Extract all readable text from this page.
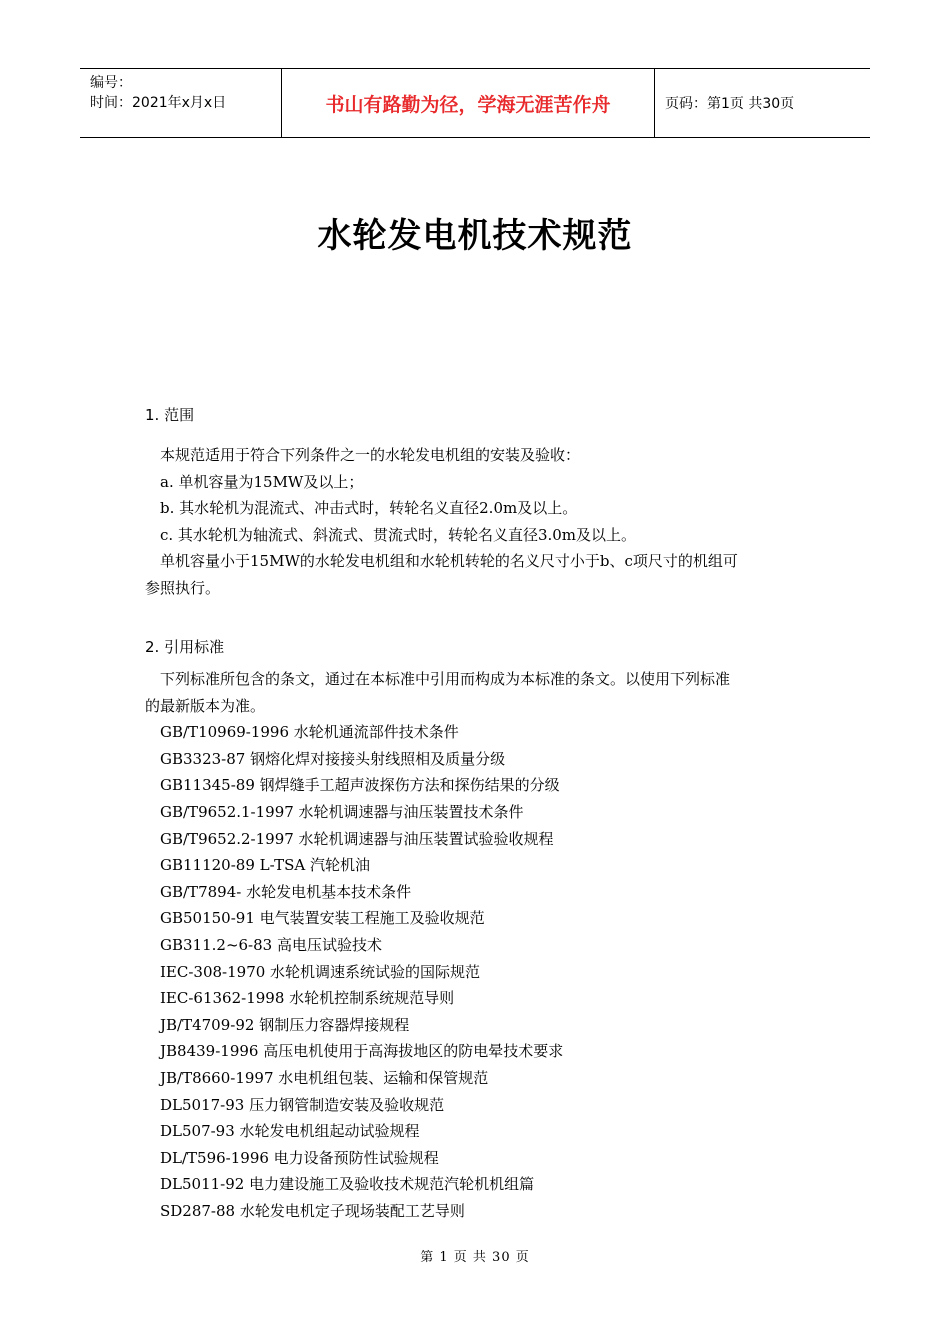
编号：
时间：2021年x月x日	书山有路勤为径，学海无涯苦作舟	页码：第1页 共30页
水轮发电机技术规范
1. 范围
本规范适用于符合下列条件之一的水轮发电机组的安装及验收：
a. 单机容量为15MW及以上；
b. 其水轮机为混流式、冲击式时，转轮名义直径2.0m及以上。
c. 其水轮机为轴流式、斜流式、贯流式时，转轮名义直径3.0m及以上。
单机容量小于15MW的水轮发电机组和水轮机转轮的名义尺寸小于b、c项尺寸的机组可
参照执行。
2. 引用标准
下列标准所包含的条文，通过在本标准中引用而构成为本标准的条文。以使用下列标准
的最新版本为准。
GB/T10969-1996 水轮机通流部件技术条件
GB3323-87 钢熔化焊对接接头射线照相及质量分级
GB11345-89 钢焊缝手工超声波探伤方法和探伤结果的分级
GB/T9652.1-1997 水轮机调速器与油压装置技术条件
GB/T9652.2-1997 水轮机调速器与油压装置试验验收规程
GB11120-89 L-TSA 汽轮机油
GB/T7894- 水轮发电机基本技术条件
GB50150-91 电气装置安装工程施工及验收规范
GB311.2~6-83 高电压试验技术
IEC-308-1970 水轮机调速系统试验的国际规范
IEC-61362-1998 水轮机控制系统规范导则
JB/T4709-92 钢制压力容器焊接规程
JB8439-1996 高压电机使用于高海拔地区的防电晕技术要求
JB/T8660-1997 水电机组包装、运输和保管规范
DL5017-93 压力钢管制造安装及验收规范
DL507-93 水轮发电机组起动试验规程
DL/T596-1996 电力设备预防性试验规程
DL5011-92 电力建设施工及验收技术规范汽轮机机组篇
SD287-88 水轮发电机定子现场装配工艺导则
第 1 页 共 30 页
